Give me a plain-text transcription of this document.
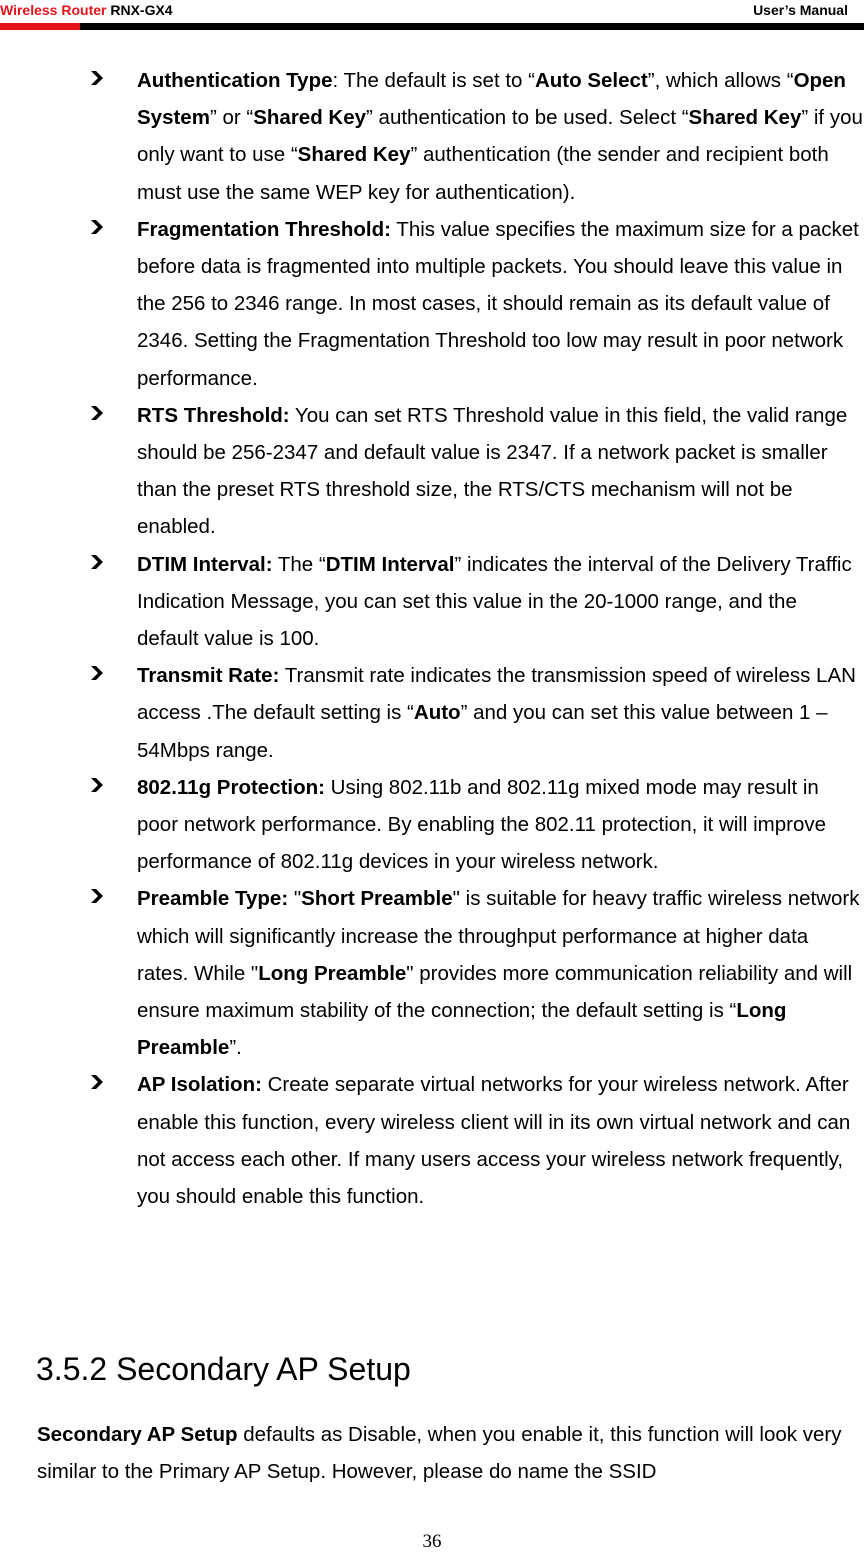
Wireless Router RNX-GX4	User’s Manual

Authentication Type: The default is set to “Auto Select”, which allows “Open System” or “Shared Key” authentication to be used. Select “Shared Key” if you only want to use “Shared Key” authentication (the sender and recipient both must use the same WEP key for authentication).

Fragmentation Threshold: This value specifies the maximum size for a packet before data is fragmented into multiple packets. You should leave this value in the 256 to 2346 range. In most cases, it should remain as its default value of 2346. Setting the Fragmentation Threshold too low may result in poor network performance.

RTS Threshold: You can set RTS Threshold value in this field, the valid range should be 256-2347 and default value is 2347. If a network packet is smaller than the preset RTS threshold size, the RTS/CTS mechanism will not be enabled.

DTIM Interval: The “DTIM Interval” indicates the interval of the Delivery Traffic Indication Message, you can set this value in the 20-1000 range, and the default value is 100.

Transmit Rate: Transmit rate indicates the transmission speed of wireless LAN access .The default setting is “Auto” and you can set this value between 1 – 54Mbps range.

802.11g Protection: Using 802.11b and 802.11g mixed mode may result in poor network performance. By enabling the 802.11 protection, it will improve performance of 802.11g devices in your wireless network.

Preamble Type: "Short Preamble" is suitable for heavy traffic wireless network which will significantly increase the throughput performance at higher data rates. While "Long Preamble" provides more communication reliability and will ensure maximum stability of the connection; the default setting is “Long Preamble”.

AP Isolation: Create separate virtual networks for your wireless network. After enable this function, every wireless client will in its own virtual network and can not access each other. If many users access your wireless network frequently, you should enable this function.

3.5.2 Secondary AP Setup

Secondary AP Setup defaults as Disable, when you enable it, this function will look very similar to the Primary AP Setup. However, please do name the SSID

36
